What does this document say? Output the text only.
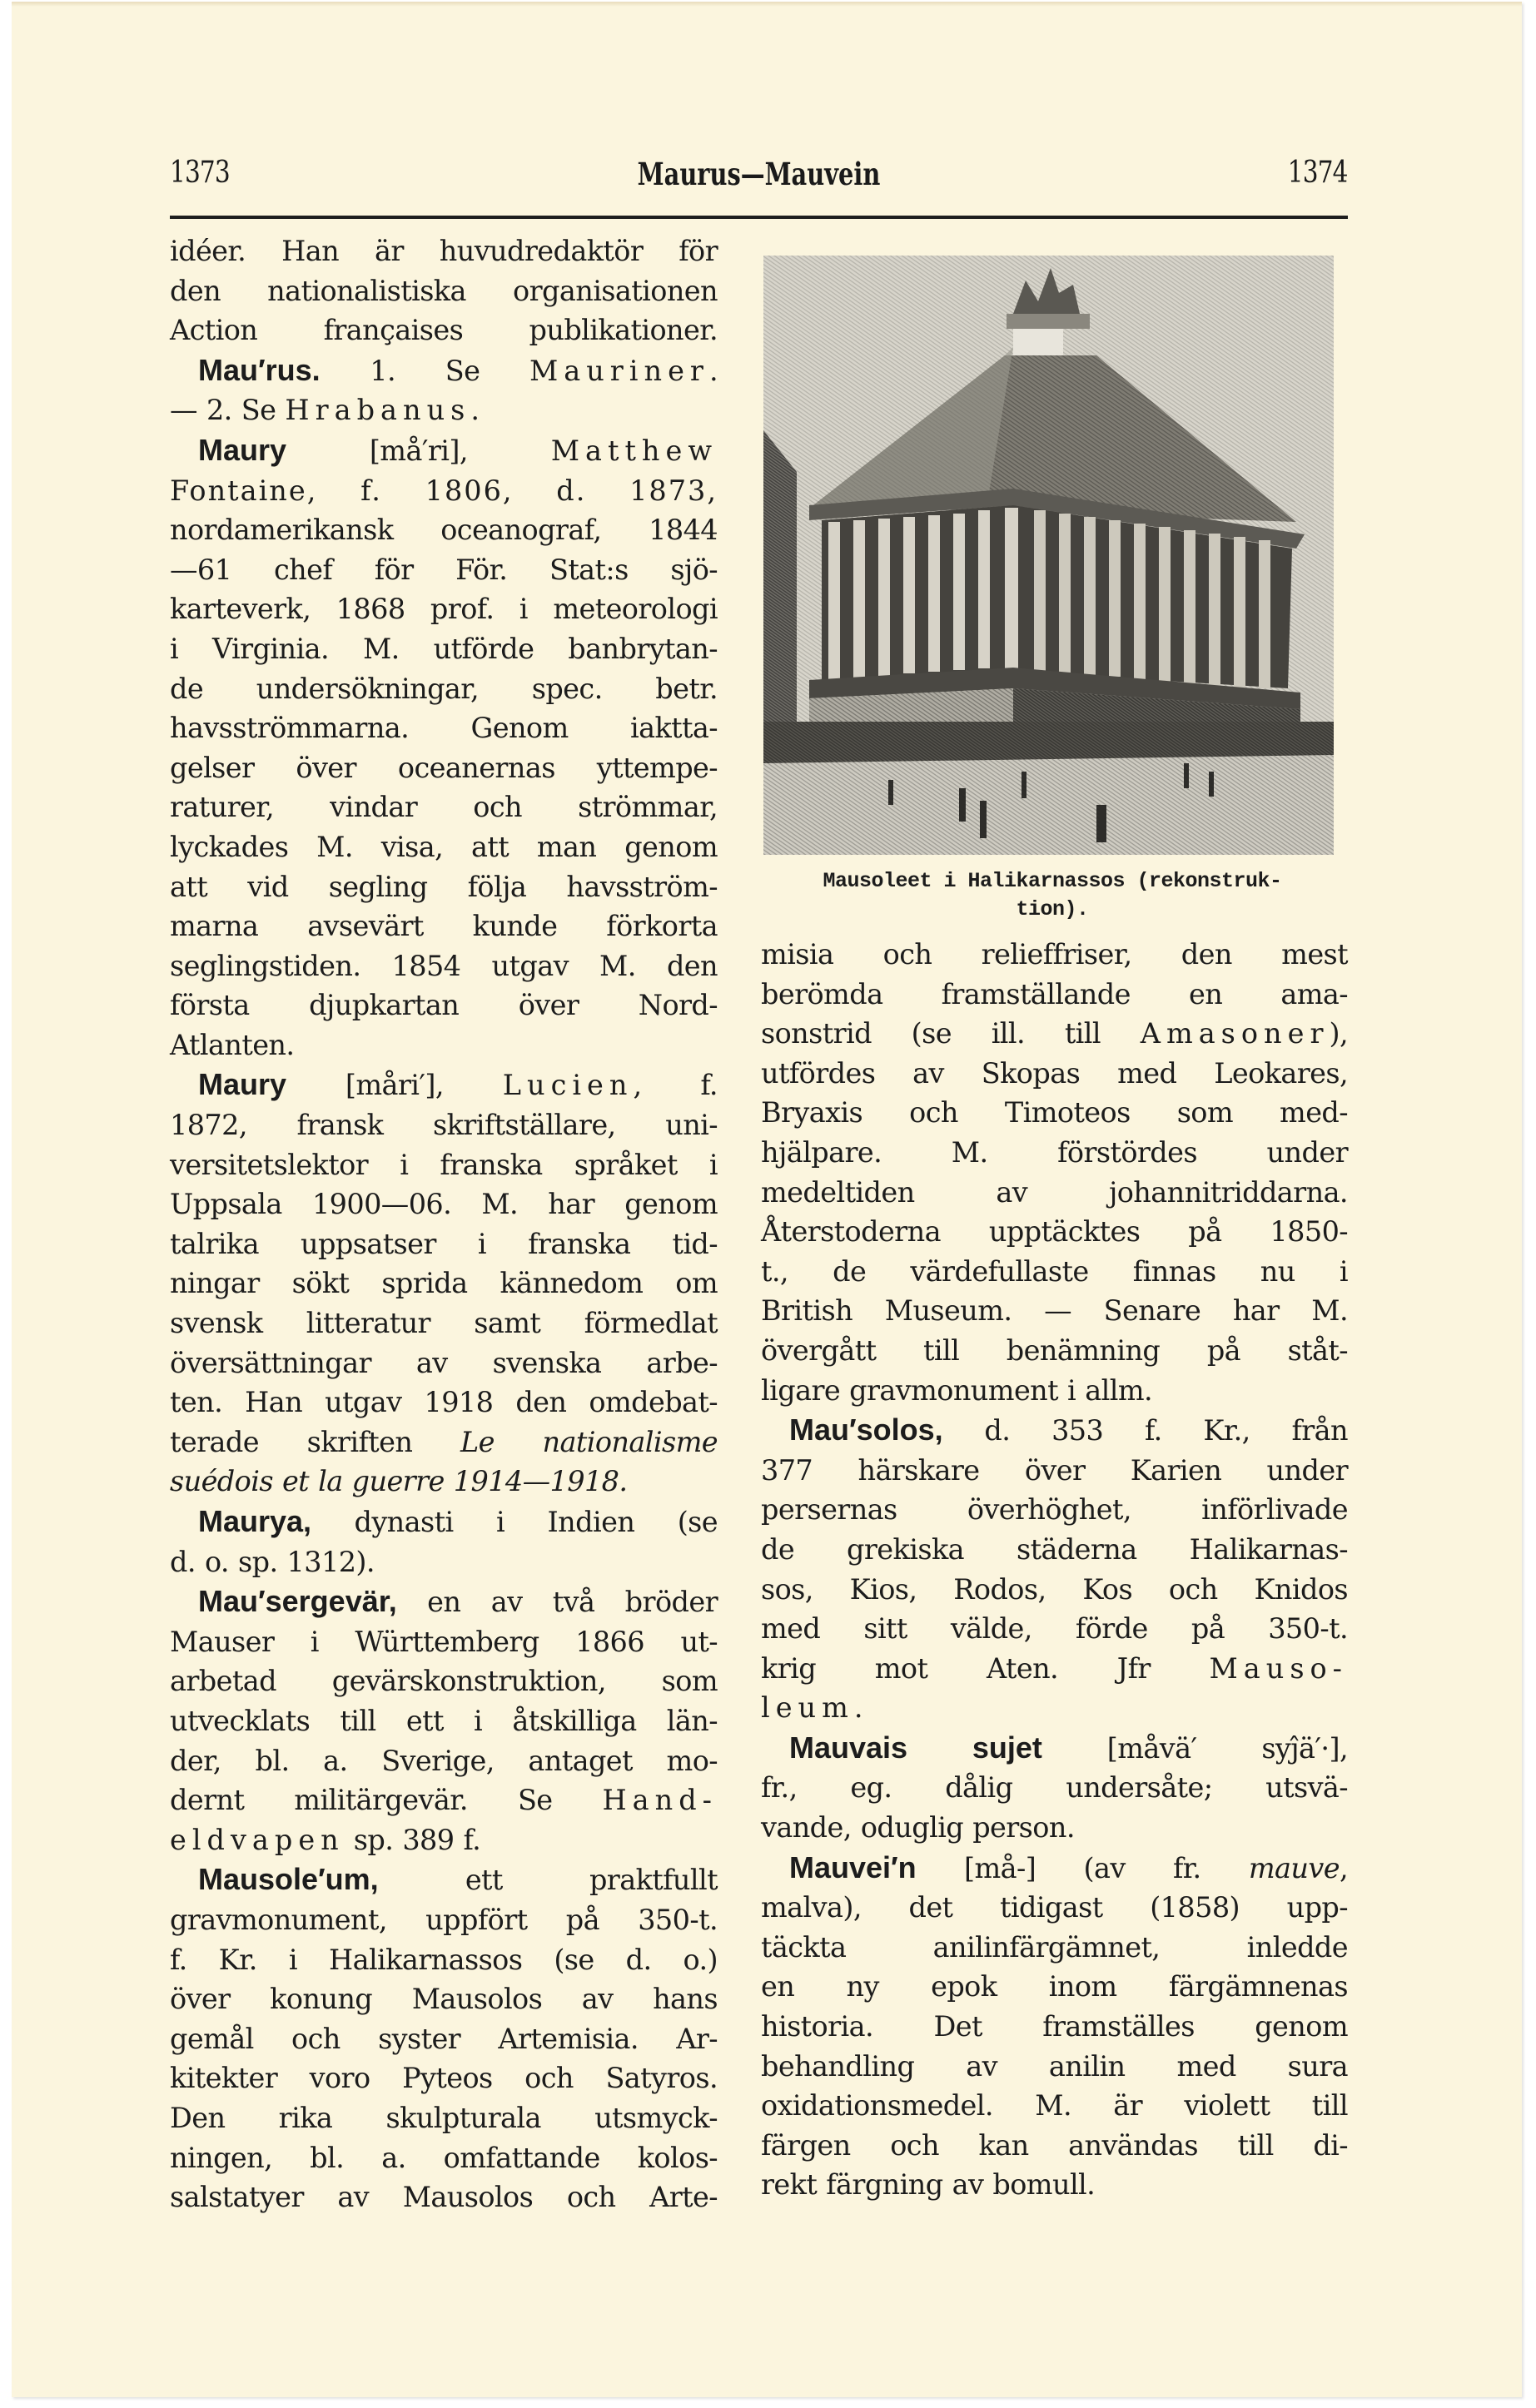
1373	Maurus—Mauvein	1374
idéer. Han är huvudredaktör för
den nationalistiska organisationen
Action françaises publikationer.
Mau′rus. 1. Se Mauriner.
— 2. Se Hrabanus.
Maury [må′ri], Matthew
Fontaine, f. 1806, d. 1873,
nordamerikansk oceanograf, 1844
—61 chef för För. Stat:s sjö-
karteverk, 1868 prof. i meteorologi
i Virginia. M. utförde banbrytan-
de undersökningar, spec. betr.
havsströmmarna. Genom iaktta-
gelser över oceanernas yttempe-
raturer, vindar och strömmar,
lyckades M. visa, att man genom
att vid segling följa havsström-
marna avsevärt kunde förkorta
seglingstiden. 1854 utgav M. den
första djupkartan över Nord-
Atlanten.
Maury [måri′], Lucien, f.
1872, fransk skriftställare, uni-
versitetslektor i franska språket i
Uppsala 1900—06. M. har genom
talrika uppsatser i franska tid-
ningar sökt sprida kännedom om
svensk litteratur samt förmedlat
översättningar av svenska arbe-
ten. Han utgav 1918 den omdebat-
terade skriften Le nationalisme
suédois et la guerre 1914—1918.
Maurya, dynasti i Indien (se
d. o. sp. 1312).
Mau′sergevär, en av två bröder
Mauser i Württemberg 1866 ut-
arbetad gevärskonstruktion, som
utvecklats till ett i åtskilliga län-
der, bl. a. Sverige, antaget mo-
dernt militärgevär. Se Hand-
eldvapen sp. 389 f.
Mausole′um, ett praktfullt
gravmonument, uppfört på 350-t.
f. Kr. i Halikarnassos (se d. o.)
över konung Mausolos av hans
gemål och syster Artemisia. Ar-
kitekter voro Pyteos och Satyros.
Den rika skulpturala utsmyck-
ningen, bl. a. omfattande kolos-
salstatyer av Mausolos och Arte-
Mausoleet i Halikarnassos (rekonstruk-
tion).
misia och relieffriser, den mest
berömda framställande en ama-
sonstrid (se ill. till Amasoner),
utfördes av Skopas med Leokares,
Bryaxis och Timoteos som med-
hjälpare. M. förstördes under
medeltiden av johannitriddarna.
Återstoderna upptäcktes på 1850-
t., de värdefullaste finnas nu i
British Museum. — Senare har M.
övergått till benämning på ståt-
ligare gravmonument i allm.
Mau′solos, d. 353 f. Kr., från
377 härskare över Karien under
persernas överhöghet, införlivade
de grekiska städerna Halikarnas-
sos, Kios, Rodos, Kos och Knidos
med sitt välde, förde på 350-t.
krig mot Aten. Jfr Mauso-
leum.
Mauvais sujet [måvä′ syĵä′·],
fr., eg. dålig undersåte; utsvä-
vande, oduglig person.
Mauvei′n [må-] (av fr. mauve,
malva), det tidigast (1858) upp-
täckta anilinfärgämnet, inledde
en ny epok inom färgämnenas
historia. Det framställes genom
behandling av anilin med sura
oxidationsmedel. M. är violett till
färgen och kan användas till di-
rekt färgning av bomull.
